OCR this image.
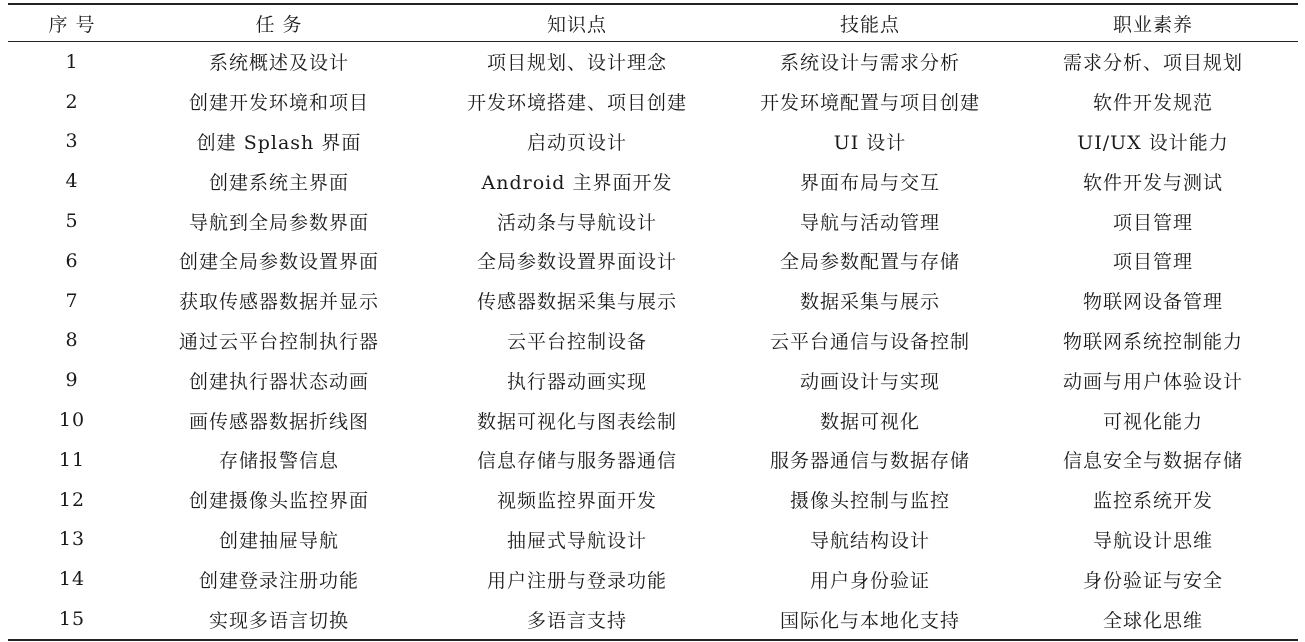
序 号	任 务	知识点	技能点	职业素养
1	系统概述及设计	项目规划、设计理念	系统设计与需求分析	需求分析、项目规划
2	创建开发环境和项目	开发环境搭建、项目创建	开发环境配置与项目创建	软件开发规范
3	创建 Splash 界面	启动页设计	UI 设计	UI/UX 设计能力
4	创建系统主界面	Android 主界面开发	界面布局与交互	软件开发与测试
5	导航到全局参数界面	活动条与导航设计	导航与活动管理	项目管理
6	创建全局参数设置界面	全局参数设置界面设计	全局参数配置与存储	项目管理
7	获取传感器数据并显示	传感器数据采集与展示	数据采集与展示	物联网设备管理
8	通过云平台控制执行器	云平台控制设备	云平台通信与设备控制	物联网系统控制能力
9	创建执行器状态动画	执行器动画实现	动画设计与实现	动画与用户体验设计
10	画传感器数据折线图	数据可视化与图表绘制	数据可视化	可视化能力
11	存储报警信息	信息存储与服务器通信	服务器通信与数据存储	信息安全与数据存储
12	创建摄像头监控界面	视频监控界面开发	摄像头控制与监控	监控系统开发
13	创建抽屉导航	抽屉式导航设计	导航结构设计	导航设计思维
14	创建登录注册功能	用户注册与登录功能	用户身份验证	身份验证与安全
15	实现多语言切换	多语言支持	国际化与本地化支持	全球化思维
